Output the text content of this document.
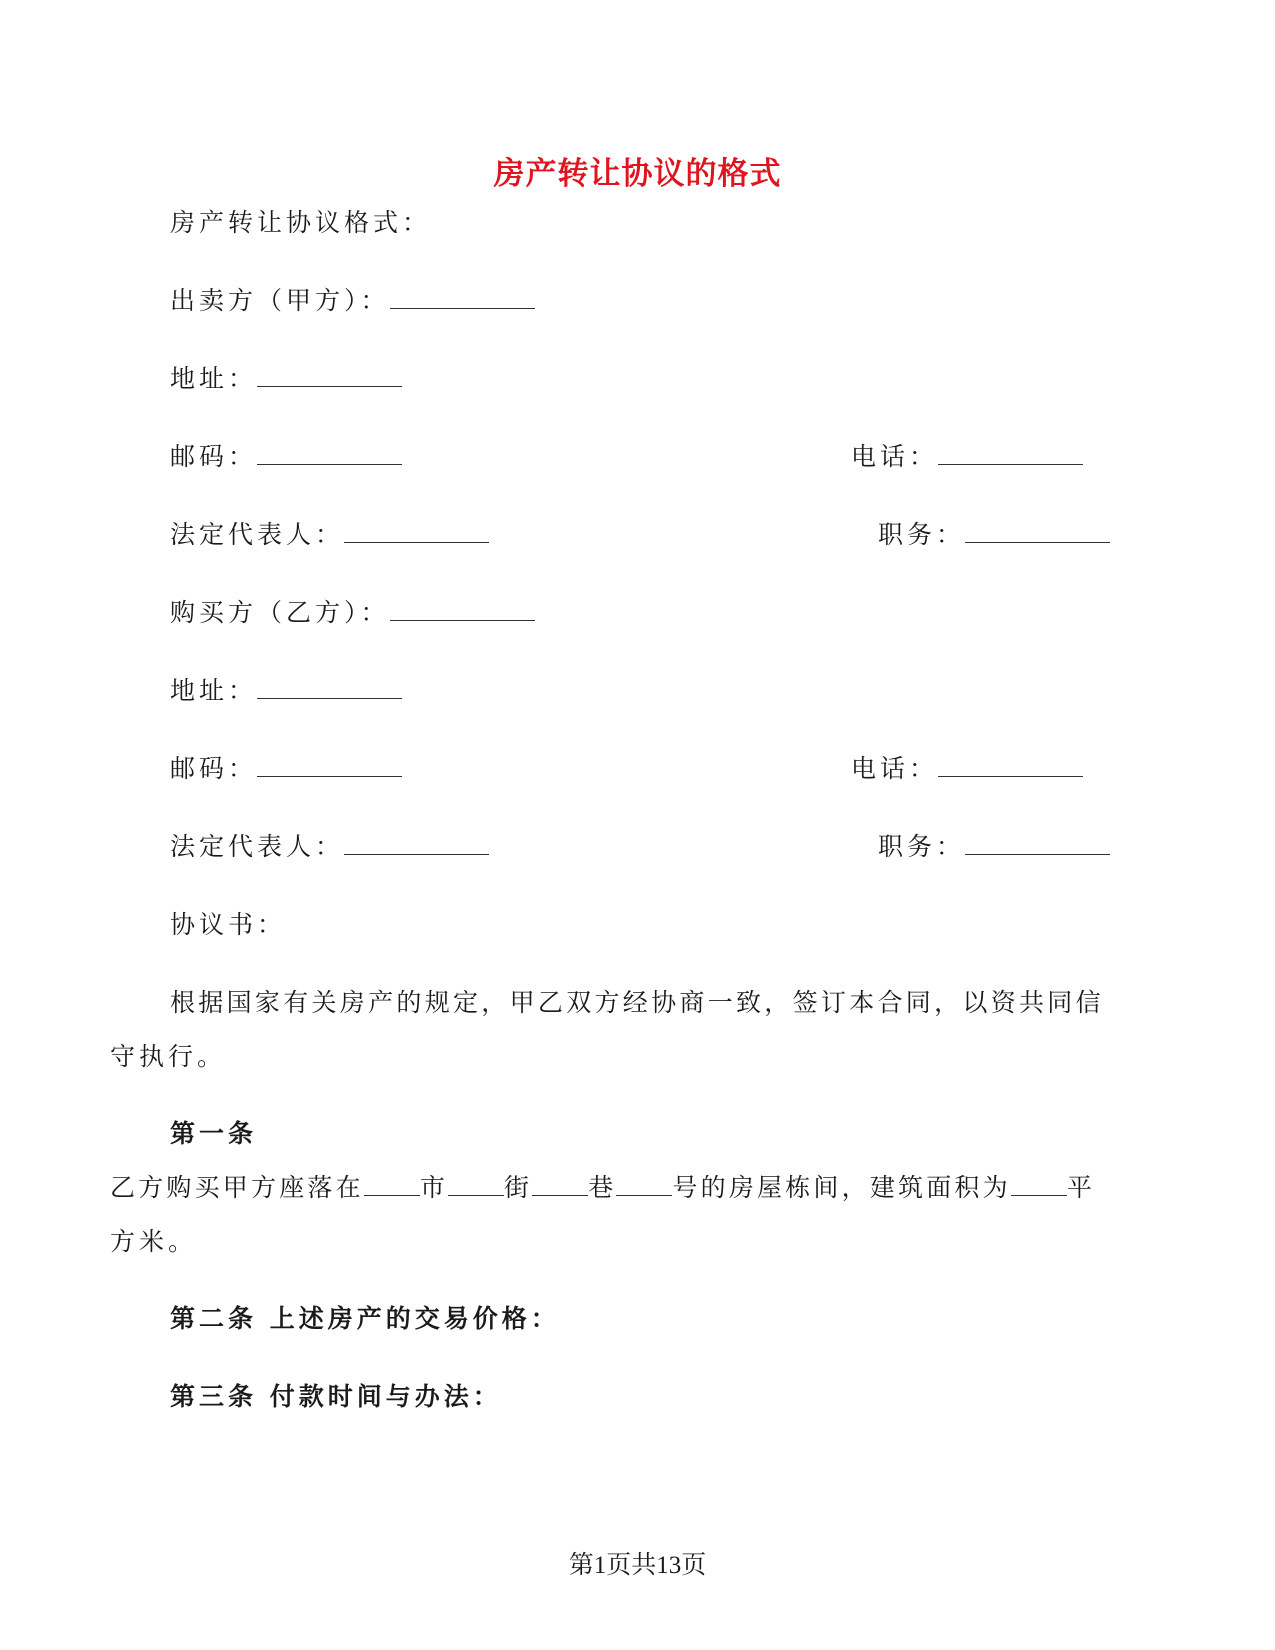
房产转让协议的格式
房产转让协议格式：
出卖方（甲方）：
地址：
邮码：	电话：
法定代表人：	职务：
购买方（乙方）：
地址：
邮码：	电话：
法定代表人：	职务：
协议书：
根据国家有关房产的规定，甲乙双方经协商一致，签订本合同，以资共同信
守执行。
第一条
乙方购买甲方座落在 市 街 巷 号的房屋栋间，建筑面积为 平
方米。
第二条 上述房产的交易价格：
第三条 付款时间与办法：
第1页共13页
